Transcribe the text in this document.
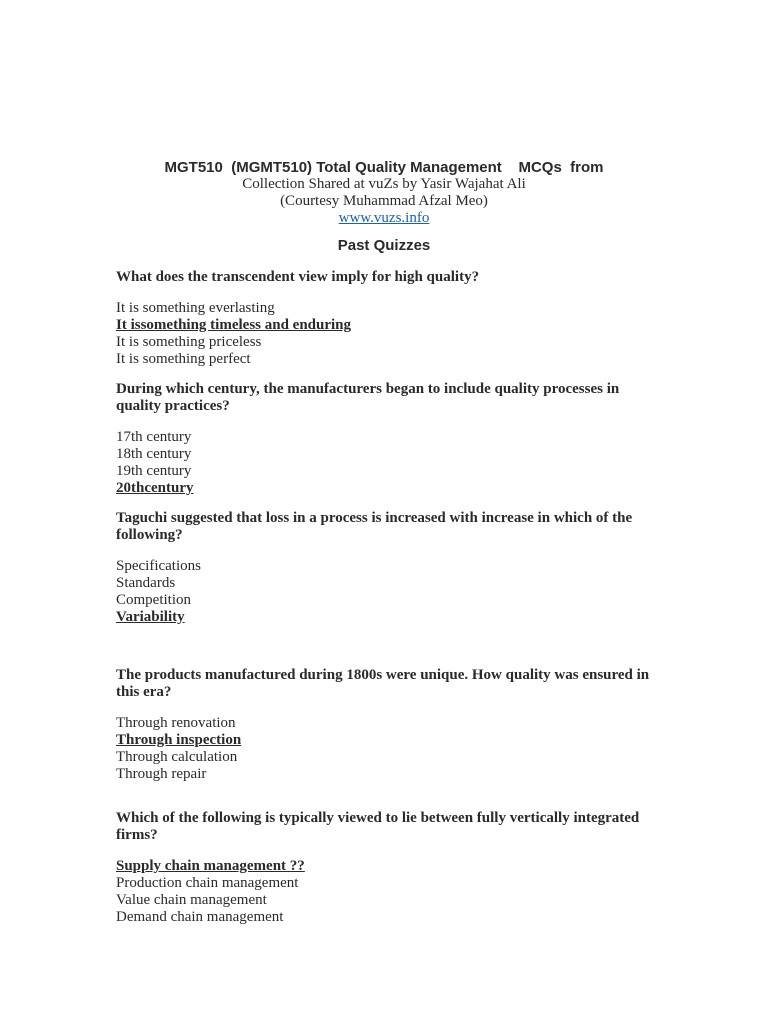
MGT510  (MGMT510) Total Quality Management    MCQs  from

Past Quizzes

Collection Shared at vuZs by Yasir Wajahat Ali
(Courtesy Muhammad Afzal Meo)
www.vuzs.info

What does the transcendent view imply for high quality?

It is something everlasting
It issomething timeless and enduring
It is something priceless
It is something perfect

During which century, the manufacturers began to include quality processes in quality practices?

17th century
18th century
19th century
20thcentury

Taguchi suggested that loss in a process is increased with increase in which of the following?

Specifications
Standards
Competition
Variability

The products manufactured during 1800s were unique. How quality was ensured in this era?

Through renovation
Through inspection
Through calculation
Through repair

Which of the following is typically viewed to lie between fully vertically integrated firms?

Supply chain management ??
Production chain management
Value chain management
Demand chain management
